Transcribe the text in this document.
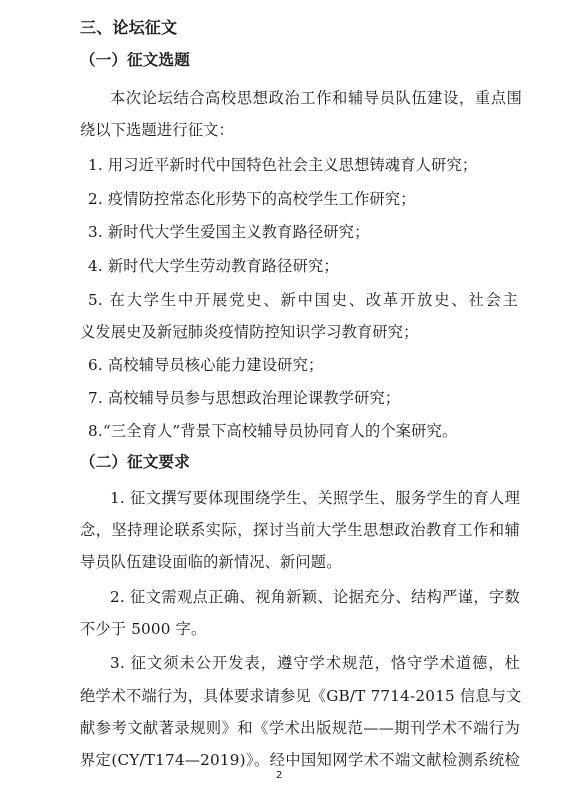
三、论坛征文
（一）征文选题
本次论坛结合高校思想政治工作和辅导员队伍建设，重点围
绕以下选题进行征文：
1. 用习近平新时代中国特色社会主义思想铸魂育人研究；
2. 疫情防控常态化形势下的高校学生工作研究；
3. 新时代大学生爱国主义教育路径研究；
4. 新时代大学生劳动教育路径研究；
5. 在大学生中开展党史、新中国史、改革开放史、社会主
义发展史及新冠肺炎疫情防控知识学习教育研究；
6. 高校辅导员核心能力建设研究；
7. 高校辅导员参与思想政治理论课教学研究；
8.“三全育人”背景下高校辅导员协同育人的个案研究。
（二）征文要求
1. 征文撰写要体现围绕学生、关照学生、服务学生的育人理
念，坚持理论联系实际，探讨当前大学生思想政治教育工作和辅
导员队伍建设面临的新情况、新问题。
2. 征文需观点正确、视角新颖、论据充分、结构严谨，字数
不少于 5000 字。
3. 征文须未公开发表，遵守学术规范，恪守学术道德，杜
绝学术不端行为，具体要求请参见《GB/T 7714-2015 信息与文
献参考文献著录规则》和《学术出版规范——期刊学术不端行为
界定(CY/T174—2019)》。经中国知网学术不端文献检测系统检
2
